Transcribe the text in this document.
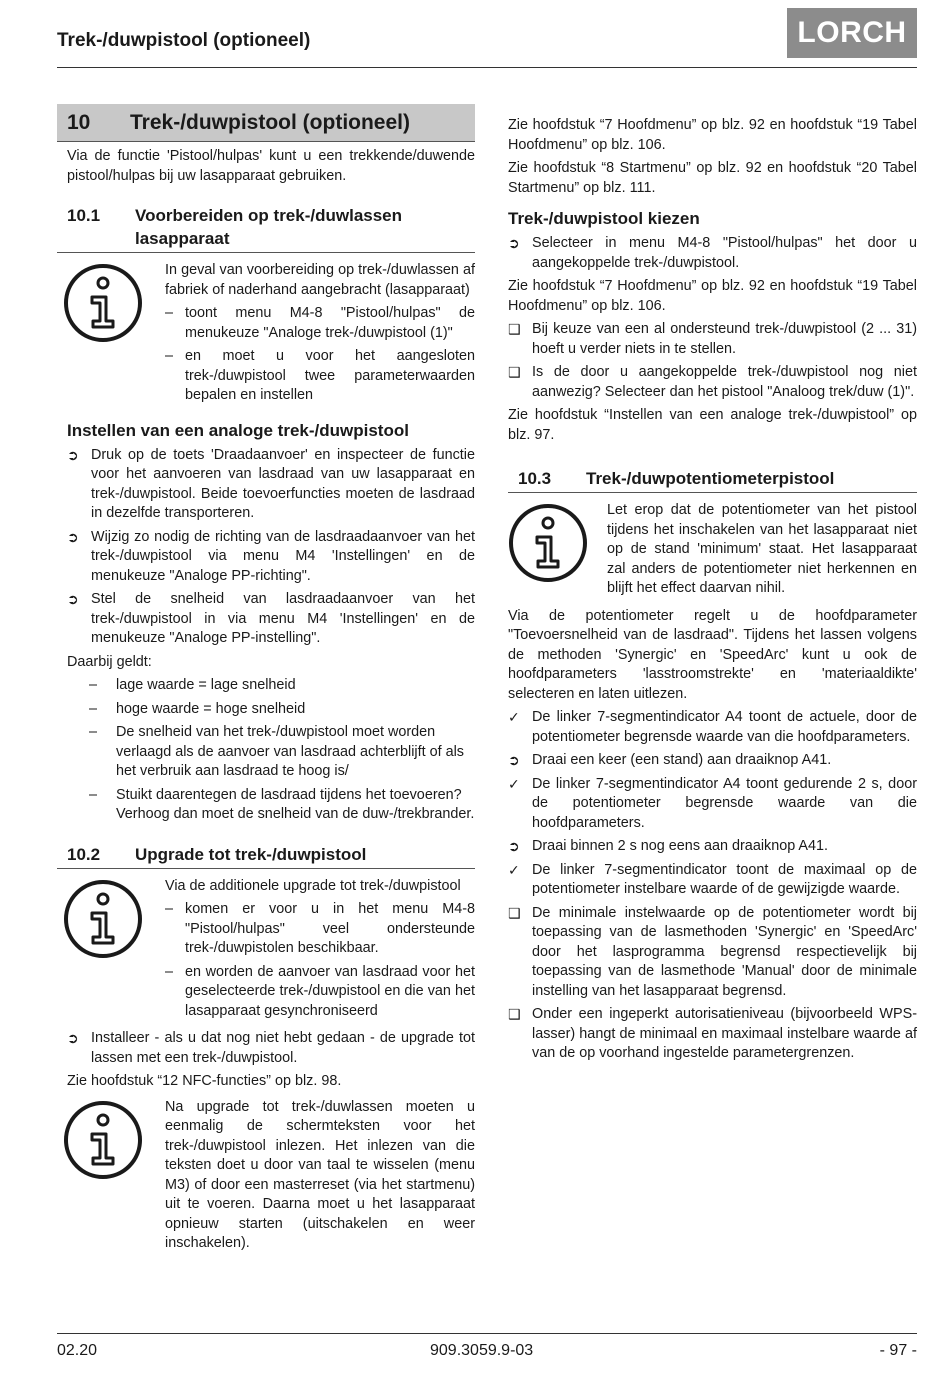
Trek-/duwpistool (optioneel)	LORCH
10	Trek-/duwpistool (optioneel)

Via de functie 'Pistool/hulpas' kunt u een trekkende/duwende pistool/hulpas bij uw lasapparaat gebruiken.

10.1	Voorbereiden op trek-/duwlassen lasapparaat

In geval van voorbereiding op trek-/duwlassen af fabriek of naderhand aangebracht (lasapparaat)

– toont menu M4-8 "Pistool/hulpas" de menukeuze "Analoge trek-/duwpistool (1)"
– en moet u voor het aangesloten trek-/duwpistool twee parameterwaarden bepalen en instellen
Instellen van een analoge trek-/duwpistool
➲ Druk op de toets 'Draadaanvoer' en inspecteer de functie voor het aanvoeren van lasdraad van uw lasapparaat en trek-/duwpistool. Beide toevoerfuncties moeten de lasdraad in dezelfde transporteren.
➲ Wijzig zo nodig de richting van de lasdraadaanvoer van het trek-/duwpistool via menu M4 'Instellingen' en de menukeuze "Analoge PP-richting".
➲ Stel de snelheid van lasdraadaanvoer van het trek-/duwpistool in via menu M4 'Instellingen' en de menukeuze "Analoge PP-instelling".

Daarbij geldt:

–	lage waarde = lage snelheid
–	hoge waarde = hoge snelheid
–	De snelheid van het trek-/duwpistool moet worden verlaagd als de aanvoer van lasdraad achterblijft of als het verbruik aan lasdraad te hoog is/
–	Stuikt daarentegen de lasdraad tijdens het toevoeren? Verhoog dan moet de snelheid van de duw-/trekbrander.
10.2	Upgrade tot trek-/duwpistool

Via de additionele upgrade tot trek-/duwpistool

– komen er voor u in het menu M4-8 "Pistool/hulpas" veel ondersteunde trek-/duwpistolen beschikbaar.
– en worden de aanvoer van lasdraad voor het geselecteerde trek-/duwpistool en die van het lasapparaat gesynchroniseerd
➲ Installeer - als u dat nog niet hebt gedaan - de upgrade tot lassen met een trek-/duwpistool.

Zie hoofdstuk “12 NFC-functies” op blz. 98.

Na upgrade tot trek-/duwlassen moeten u eenmalig de schermteksten voor het trek-/duwpistool inlezen. Het inlezen van die teksten doet u door van taal te wisselen (menu M3) of door een masterreset (via het startmenu) uit te voeren. Daarna moet u het lasapparaat opnieuw starten (uitschakelen en weer inschakelen).

Zie hoofdstuk “7 Hoofdmenu” op blz. 92 en hoofdstuk “19 Tabel Hoofdmenu” op blz. 106.

Zie hoofdstuk “8 Startmenu” op blz. 92 en hoofdstuk “20 Tabel Startmenu” op blz. 111.

Trek-/duwpistool kiezen
➲ Selecteer in menu M4-8 "Pistool/hulpas" het door u aangekoppelde trek-/duwpistool.

Zie hoofdstuk “7 Hoofdmenu” op blz. 92 en hoofdstuk “19 Tabel Hoofdmenu” op blz. 106.

❑ Bij keuze van een al ondersteund trek-/duwpistool (2 ... 31) hoeft u verder niets in te stellen.
❑ Is de door u aangekoppelde trek-/duwpistool nog niet aanwezig? Selecteer dan het pistool "Analoog trek/duw (1)".

Zie hoofdstuk “Instellen van een analoge trek-/duwpistool” op blz. 97.

10.3	Trek-/duwpotentiometerpistool

Let erop dat de potentiometer van het pistool tijdens het inschakelen van het lasapparaat niet op de stand 'minimum' staat. Het lasapparaat zal anders de potentiometer niet herkennen en blijft het effect daarvan nihil.

Via de potentiometer regelt u de hoofdparameter "Toevoersnelheid van de lasdraad". Tijdens het lassen volgens de methoden 'Synergic' en 'SpeedArc' kunt u ook de hoofdparameters 'lasstroomstrekte' en 'materiaaldikte' selecteren en laten uitlezen.

✓ De linker 7-segmentindicator A4 toont de actuele, door de potentiometer begrensde waarde van die hoofdparameters.
➲ Draai een keer (een stand) aan draaiknop A41.
✓ De linker 7-segmentindicator A4 toont gedurende 2 s, door de potentiometer begrensde waarde van die hoofdparameters.
➲ Draai binnen 2 s nog eens aan draaiknop A41.
✓ De linker 7-segmentindicator toont de maximaal op de potentiometer instelbare waarde of de gewijzigde waarde.
❑ De minimale instelwaarde op de potentiometer wordt bij toepassing van de lasmethoden 'Synergic' en 'SpeedArc' door het lasprogramma begrensd respectievelijk bij toepassing van de lasmethode 'Manual' door de minimale instelling van het lasapparaat begrensd.
❑ Onder een ingeperkt autorisatieniveau (bijvoorbeeld WPS-lasser) hangt de minimaal en maximaal instelbare waarde af van de op voorhand ingestelde parametergrenzen.
02.20	909.3059.9-03	- 97 -
